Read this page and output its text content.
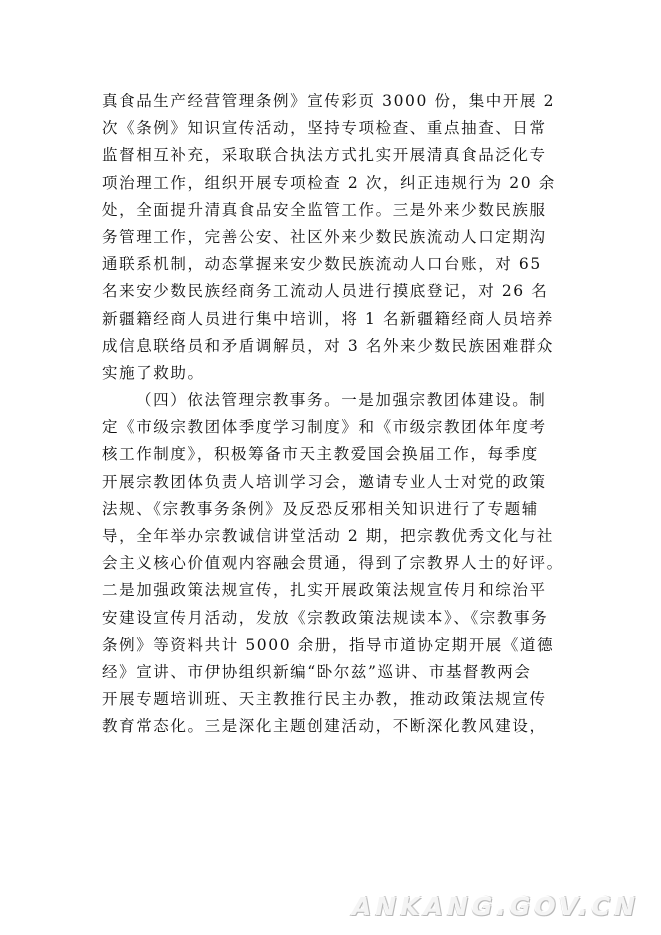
真食品生产经营管理条例》宣传彩页 3000 份，集中开展 2
次《条例》知识宣传活动，坚持专项检查、重点抽查、日常
监督相互补充，采取联合执法方式扎实开展清真食品泛化专
项治理工作，组织开展专项检查 2 次，纠正违规行为 20 余
处，全面提升清真食品安全监管工作。三是外来少数民族服
务管理工作，完善公安、社区外来少数民族流动人口定期沟
通联系机制，动态掌握来安少数民族流动人口台账，对 65
名来安少数民族经商务工流动人员进行摸底登记，对 26 名
新疆籍经商人员进行集中培训，将 1 名新疆籍经商人员培养
成信息联络员和矛盾调解员，对 3 名外来少数民族困难群众
实施了救助。
（四）依法管理宗教事务。一是加强宗教团体建设。制
定《市级宗教团体季度学习制度》和《市级宗教团体年度考
核工作制度》，积极筹备市天主教爱国会换届工作，每季度
开展宗教团体负责人培训学习会，邀请专业人士对党的政策
法规、《宗教事务条例》及反恐反邪相关知识进行了专题辅
导，全年举办宗教诚信讲堂活动 2 期，把宗教优秀文化与社
会主义核心价值观内容融会贯通，得到了宗教界人士的好评。
二是加强政策法规宣传，扎实开展政策法规宣传月和综治平
安建设宣传月活动，发放《宗教政策法规读本》、《宗教事务
条例》等资料共计 5000 余册，指导市道协定期开展《道德
经》宣讲、市伊协组织新编“卧尔兹”巡讲、市基督教两会
开展专题培训班、天主教推行民主办教，推动政策法规宣传
教育常态化。三是深化主题创建活动，不断深化教风建设，
ANKANG.GOV.CN
